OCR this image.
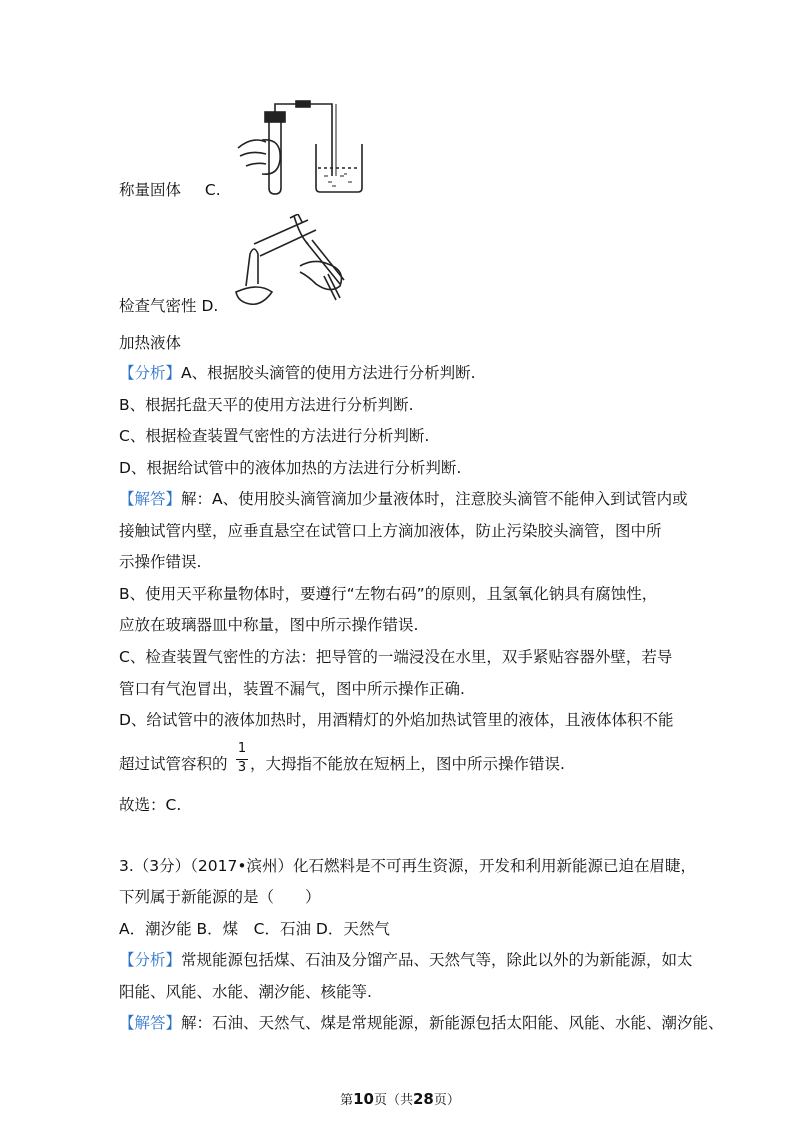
称量固体 C.
检查气密性 D.
加热液体
【分析】A、根据胶头滴管的使用方法进行分析判断.
B、根据托盘天平的使用方法进行分析判断.
C、根据检查装置气密性的方法进行分析判断.
D、根据给试管中的液体加热的方法进行分析判断.
【解答】解：A、使用胶头滴管滴加少量液体时，注意胶头滴管不能伸入到试管内或
接触试管内壁，应垂直悬空在试管口上方滴加液体，防止污染胶头滴管，图中所
示操作错误.
B、使用天平称量物体时，要遵行“左物右码”的原则，且氢氧化钠具有腐蚀性，
应放在玻璃器皿中称量，图中所示操作错误.
C、检查装置气密性的方法：把导管的一端浸没在水里，双手紧贴容器外壁，若导
管口有气泡冒出，装置不漏气，图中所示操作正确.
D、给试管中的液体加热时，用酒精灯的外焰加热试管里的液体，且液体体积不能
超过试管容积的
1
3 ，大拇指不能放在短柄上，图中所示操作错误.
故选：C.
3.（3分）（2017•滨州）化石燃料是不可再生资源，开发和利用新能源已迫在眉睫，
下列属于新能源的是（　　）
A．潮汐能 B．煤　C．石油 D．天然气
【分析】常规能源包括煤、石油及分馏产品、天然气等，除此以外的为新能源，如太
阳能、风能、水能、潮汐能、核能等.
【解答】解：石油、天然气、煤是常规能源，新能源包括太阳能、风能、水能、潮汐能、
第10页（共28页）
